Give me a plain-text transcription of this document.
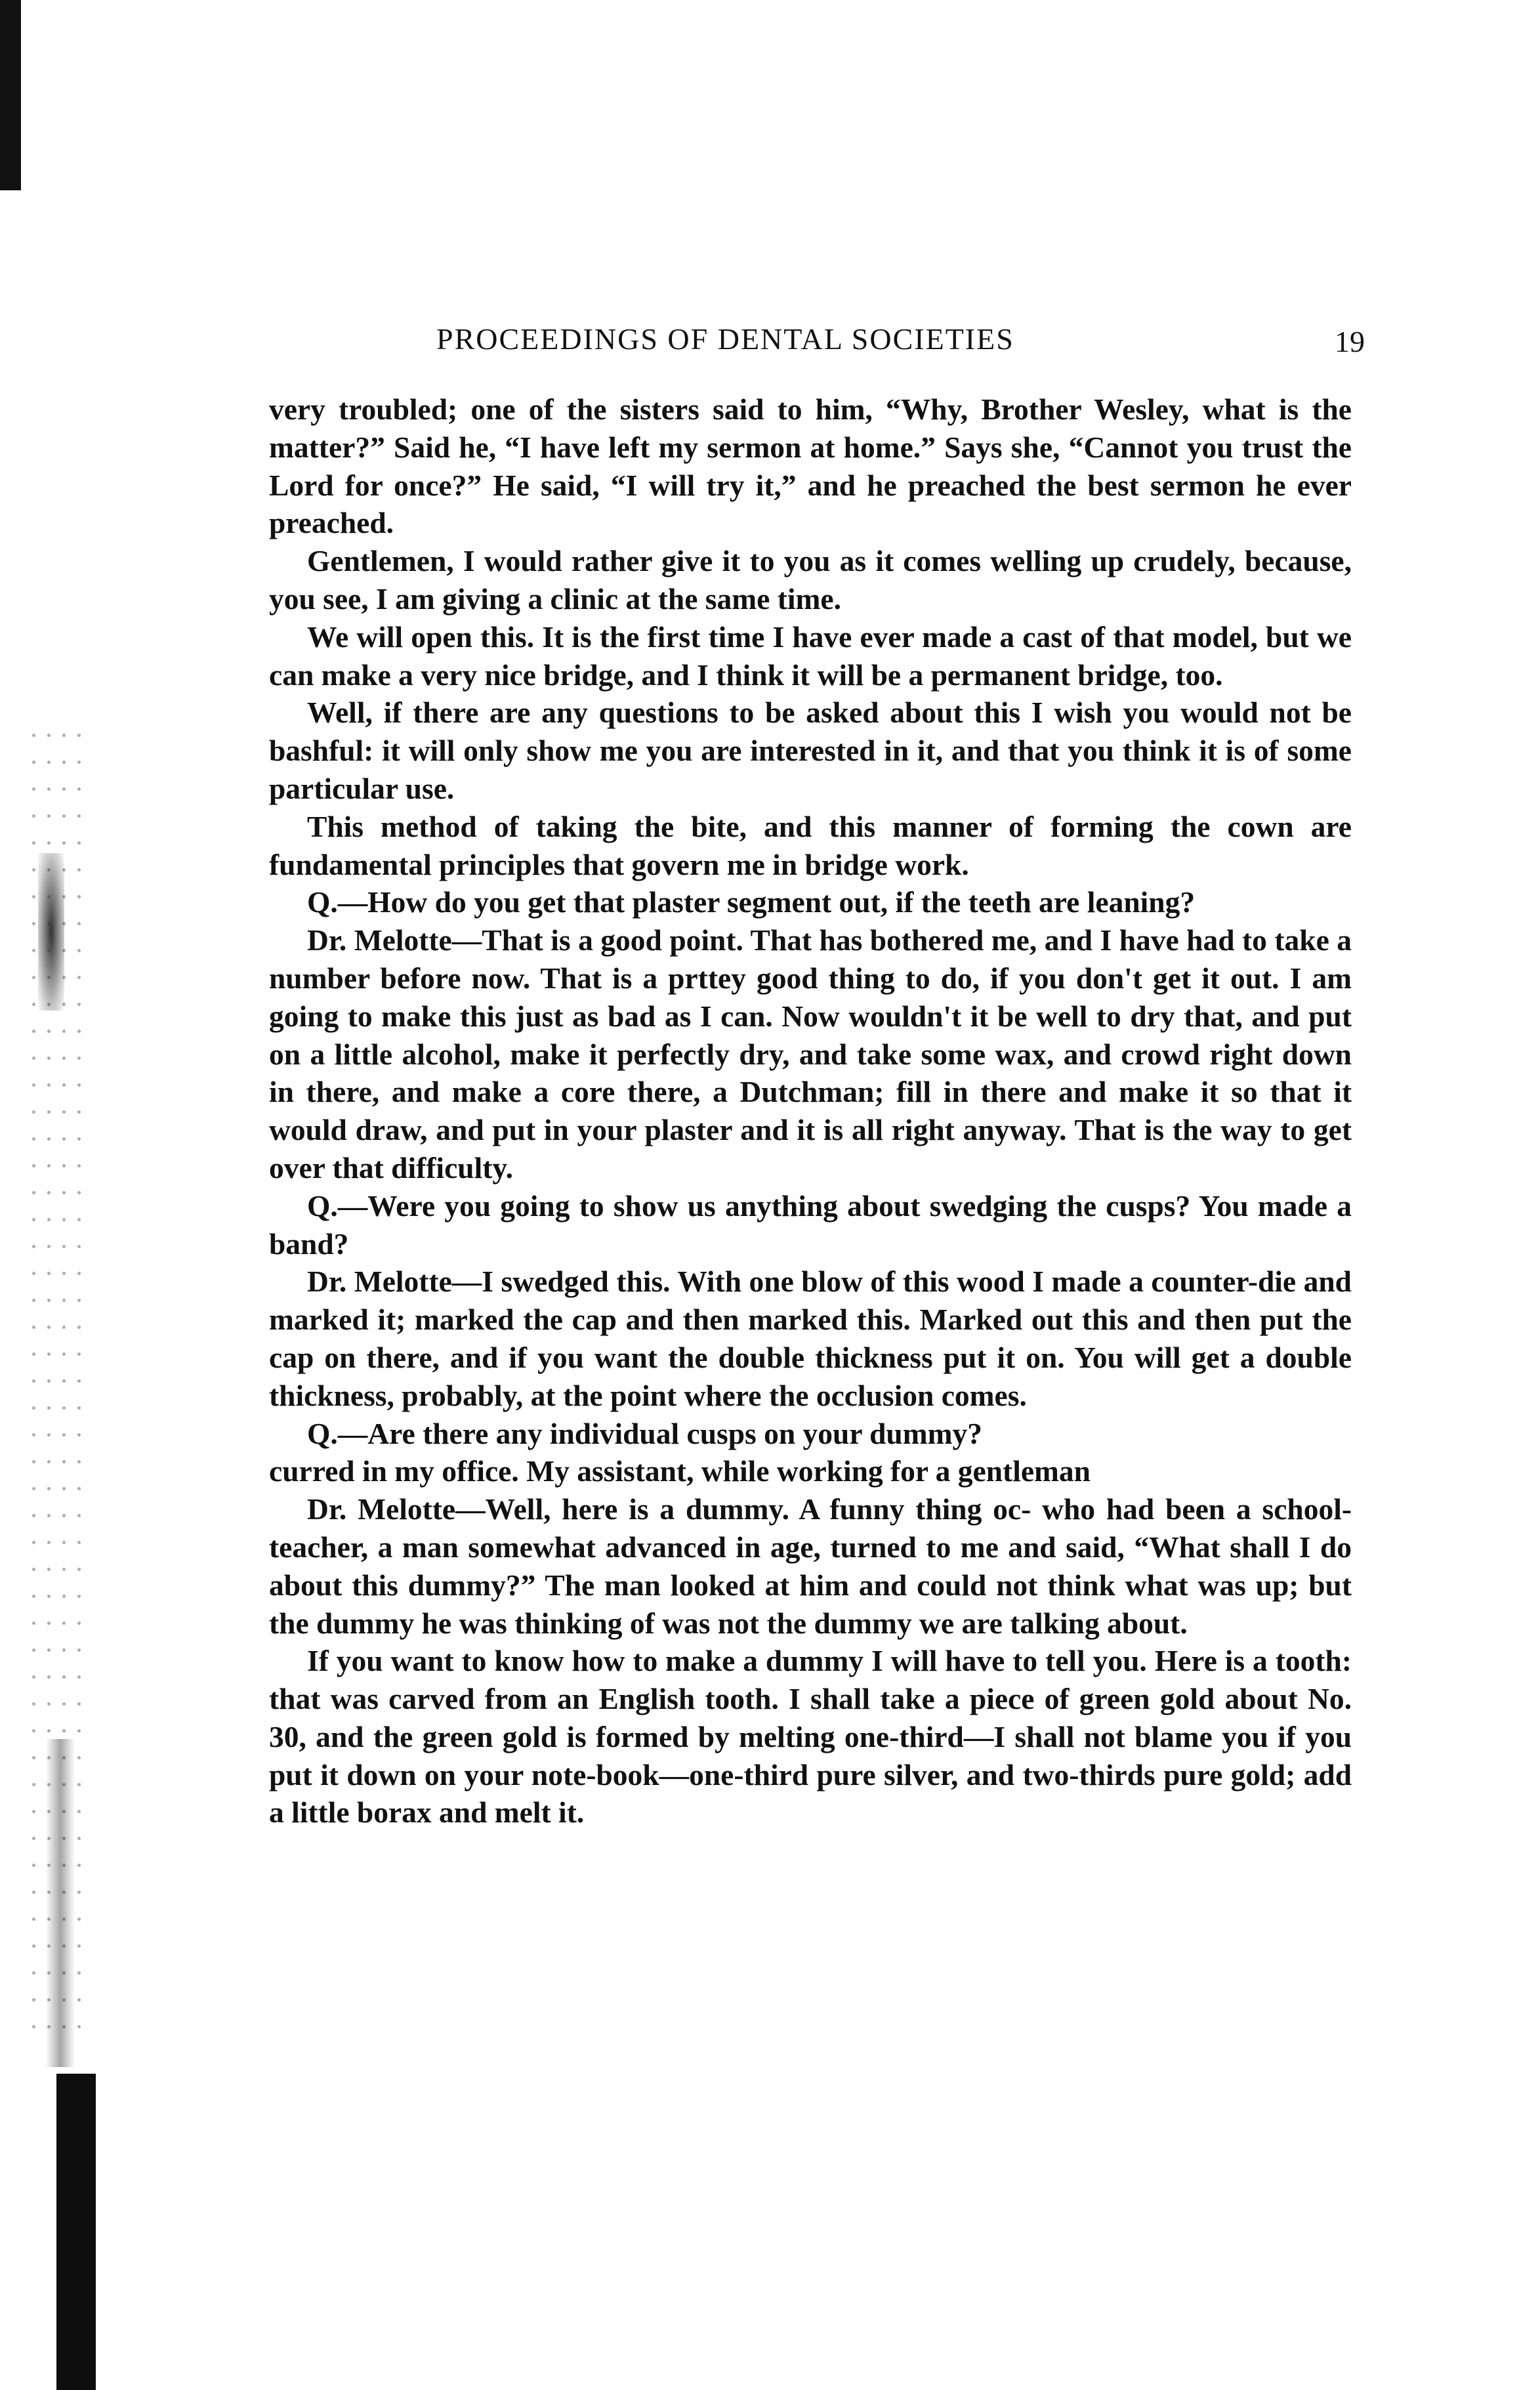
PROCEEDINGS OF DENTAL SOCIETIES	19

very troubled; one of the sisters said to him, “Why, Brother Wesley, what is the matter?” Said he, “I have left my sermon at home.” Says she, “Cannot you trust the Lord for once?” He said, “I will try it,” and he preached the best sermon he ever preached.

Gentlemen, I would rather give it to you as it comes welling up crudely, because, you see, I am giving a clinic at the same time.

We will open this. It is the first time I have ever made a cast of that model, but we can make a very nice bridge, and I think it will be a permanent bridge, too.

Well, if there are any questions to be asked about this I wish you would not be bashful: it will only show me you are interested in it, and that you think it is of some particular use.

This method of taking the bite, and this manner of forming the cown are fundamental principles that govern me in bridge work.

Q.—How do you get that plaster segment out, if the teeth are leaning?

Dr. Melotte—That is a good point. That has bothered me, and I have had to take a number before now. That is a prttey good thing to do, if you don't get it out. I am going to make this just as bad as I can. Now wouldn't it be well to dry that, and put on a little alcohol, make it perfectly dry, and take some wax, and crowd right down in there, and make a core there, a Dutchman; fill in there and make it so that it would draw, and put in your plaster and it is all right anyway. That is the way to get over that difficulty.

Q.—Were you going to show us anything about swedging the cusps? You made a band?

Dr. Melotte—I swedged this. With one blow of this wood I made a counter-die and marked it; marked the cap and then marked this. Marked out this and then put the cap on there, and if you want the double thickness put it on. You will get a double thickness, probably, at the point where the occlusion comes.

Q.—Are there any individual cusps on your dummy?

curred in my office. My assistant, while working for a gentleman

Dr. Melotte—Well, here is a dummy. A funny thing oc- who had been a school-teacher, a man somewhat advanced in age, turned to me and said, “What shall I do about this dummy?” The man looked at him and could not think what was up; but the dummy he was thinking of was not the dummy we are talking about.

If you want to know how to make a dummy I will have to tell you. Here is a tooth: that was carved from an English tooth. I shall take a piece of green gold about No. 30, and the green gold is formed by melting one-third—I shall not blame you if you put it down on your note-book—one-third pure silver, and two-thirds pure gold; add a little borax and melt it.
